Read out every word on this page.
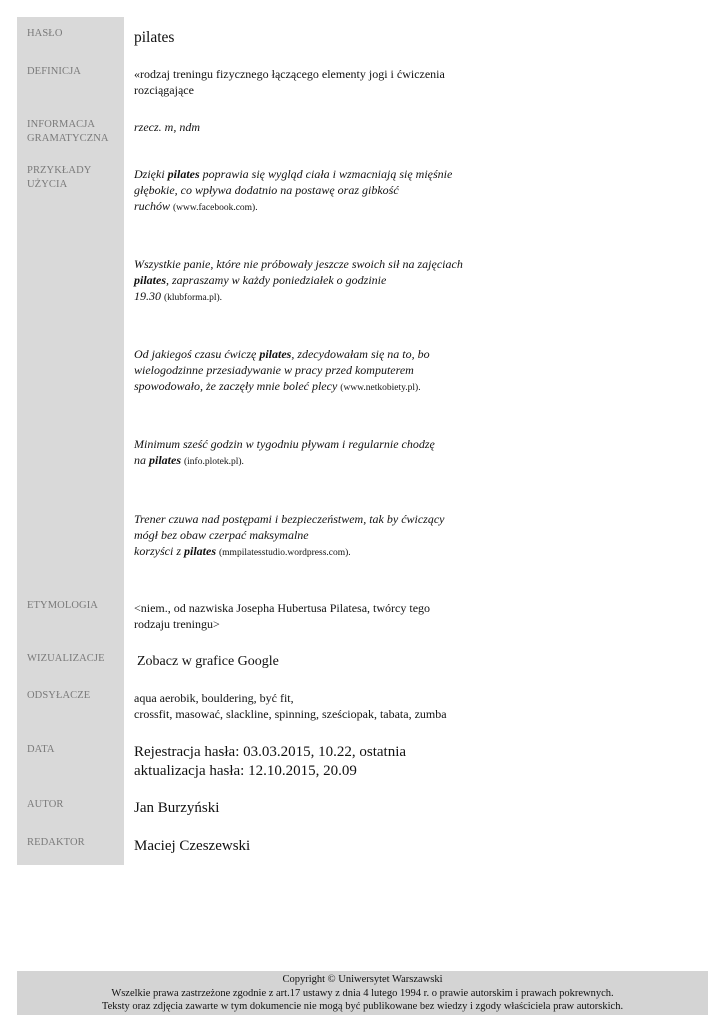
HASŁO
DEFINICJA
INFORMACJA
GRAMATYCZNA
PRZYKŁADY
UŻYCIA
ETYMOLOGIA
WIZUALIZACJE
ODSYŁACZE
DATA
AUTOR
REDAKTOR
pilates
«rodzaj treningu fizycznego łączącego elementy jogi i ćwiczenia
rozciągające
rzecz. m, ndm
Dzięki pilates poprawia się wygląd ciała i wzmacniają się mięśnie
głębokie, co wpływa dodatnio na postawę oraz gibkość
ruchów (www.facebook.com).
Wszystkie panie, które nie próbowały jeszcze swoich sił na zajęciach
pilates, zapraszamy w każdy poniedziałek o godzinie
19.30 (klubforma.pl).
Od jakiegoś czasu ćwiczę pilates, zdecydowałam się na to, bo
wielogodzinne przesiadywanie w pracy przed komputerem
spowodowało, że zaczęły mnie boleć plecy (www.netkobiety.pl).
Minimum sześć godzin w tygodniu pływam i regularnie chodzę
na pilates (info.plotek.pl).
Trener czuwa nad postępami i bezpieczeństwem, tak by ćwiczący
mógł bez obaw czerpać maksymalne
korzyści z pilates (mmpilatesstudio.wordpress.com).
<niem., od nazwiska Josepha Hubertusa Pilatesa, twórcy tego
rodzaju treningu>
Zobacz w grafice Google
aqua aerobik, bouldering, być fit,
crossfit, masować, slackline, spinning, sześciopak, tabata, zumba
Rejestracja hasła: 03.03.2015, 10.22, ostatnia
aktualizacja hasła: 12.10.2015, 20.09
Jan Burzyński
Maciej Czeszewski
Copyright © Uniwersytet Warszawski
Wszelkie prawa zastrzeżone zgodnie z art.17 ustawy z dnia 4 lutego 1994 r. o prawie autorskim i prawach pokrewnych.
Teksty oraz zdjęcia zawarte w tym dokumencie nie mogą być publikowane bez wiedzy i zgody właściciela praw autorskich.
